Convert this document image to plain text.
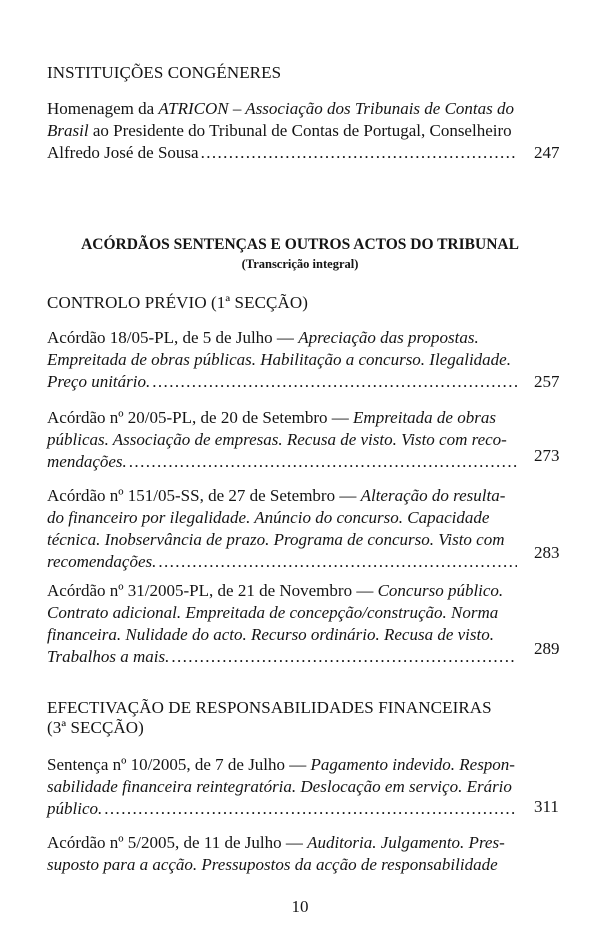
INSTITUIÇÕES CONGÉNERES
Homenagem da ATRICON – Associação dos Tribunais de Contas do
Brasil ao Presidente do Tribunal de Contas de Portugal, Conselheiro
Alfredo José de Sousa .....	247
ACÓRDÃOS SENTENÇAS E OUTROS ACTOS DO TRIBUNAL
(Transcrição integral)
CONTROLO PRÉVIO (1ª SECÇÃO)
Acórdão 18/05-PL, de 5 de Julho — Apreciação das propostas.
Empreitada de obras públicas. Habilitação a concurso. Ilegalidade.
Preço unitário. .....	257
Acórdão nº 20/05-PL, de 20 de Setembro — Empreitada de obras
públicas. Associação de empresas. Recusa de visto. Visto com reco-
mendações. .....	273
Acórdão nº 151/05-SS, de 27 de Setembro — Alteração do resulta-
do financeiro por ilegalidade. Anúncio do concurso. Capacidade
técnica. Inobservância de prazo. Programa de concurso. Visto com
recomendações. .....	283
Acórdão nº 31/2005-PL, de 21 de Novembro — Concurso público.
Contrato adicional. Empreitada de concepção/construção. Norma
financeira. Nulidade do acto. Recurso ordinário. Recusa de visto.
Trabalhos a mais. .....	289
EFECTIVAÇÃO DE RESPONSABILIDADES FINANCEIRAS
(3ª SECÇÃO)
Sentença nº 10/2005, de 7 de Julho — Pagamento indevido. Respon-
sabilidade financeira reintegratória. Deslocação em serviço. Erário
público. .....	311
Acórdão nº 5/2005, de 11 de Julho — Auditoria. Julgamento. Pres-
suposto para a acção. Pressupostos da acção de responsabilidade
10
